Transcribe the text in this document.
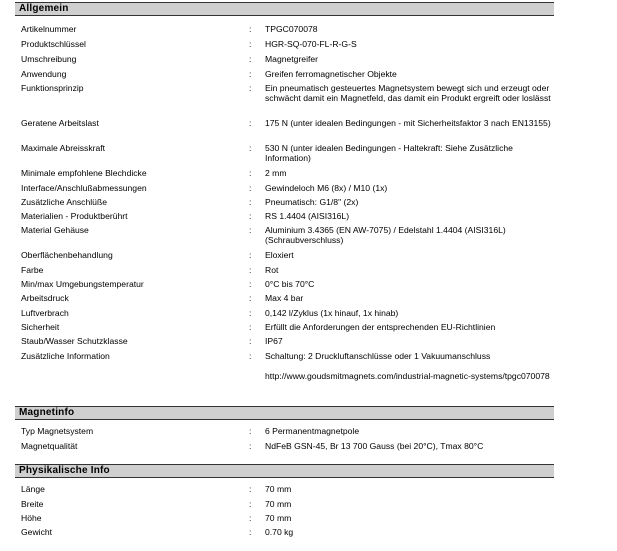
Allgemein
Artikelnummer	: TPGC070078
Produktschlüssel	: HGR-SQ-070-FL-R-G-S
Umschreibung	: Magnetgreifer
Anwendung	: Greifen ferromagnetischer Objekte
Funktionsprinzip	: Ein pneumatisch gesteuertes Magnetsystem bewegt sich und erzeugt oder schwächt damit ein Magnetfeld, das damit ein Produkt ergreift oder loslässt
Geratene Arbeitslast	: 175 N (unter idealen Bedingungen - mit Sicherheitsfaktor 3 nach EN13155)
Maximale Abreisskraft	: 530 N (unter idealen Bedingungen - Haltekraft: Siehe Zusätzliche Information)
Minimale empfohlene Blechdicke	: 2 mm
Interface/Anschlußabmessungen	: Gewindeloch M6 (8x) / M10 (1x)
Zusätzliche Anschlüße	: Pneumatisch: G1/8" (2x)
Materialien - Produktberührt	: RS 1.4404 (AISI316L)
Material Gehäuse	: Aluminium 3.4365 (EN AW-7075) / Edelstahl 1.4404 (AISI316L) (Schraubverschluss)
Oberflächenbehandlung	: Eloxiert
Farbe	: Rot
Min/max Umgebungstemperatur	: 0°C bis 70°C
Arbeitsdruck	: Max 4 bar
Luftverbrach	: 0,142 l/Zyklus (1x hinauf, 1x hinab)
Sicherheit	: Erfüllt die Anforderungen der entsprechenden EU-Richtlinien
Staub/Wasser Schutzklasse	: IP67
Zusätzliche Information	: Schaltung: 2 Druckluftanschlüsse oder 1 Vakuumanschluss
http://www.goudsmitmagnets.com/industrial-magnetic-systems/tpgc070078
Magnetinfo
Typ Magnetsystem	: 6 Permanentmagnetpole
Magnetqualität	: NdFeB GSN-45, Br 13 700 Gauss (bei 20°C), Tmax 80°C
Physikalische Info
Länge	: 70 mm
Breite	: 70 mm
Höhe	: 70 mm
Gewicht	: 0.70 kg
